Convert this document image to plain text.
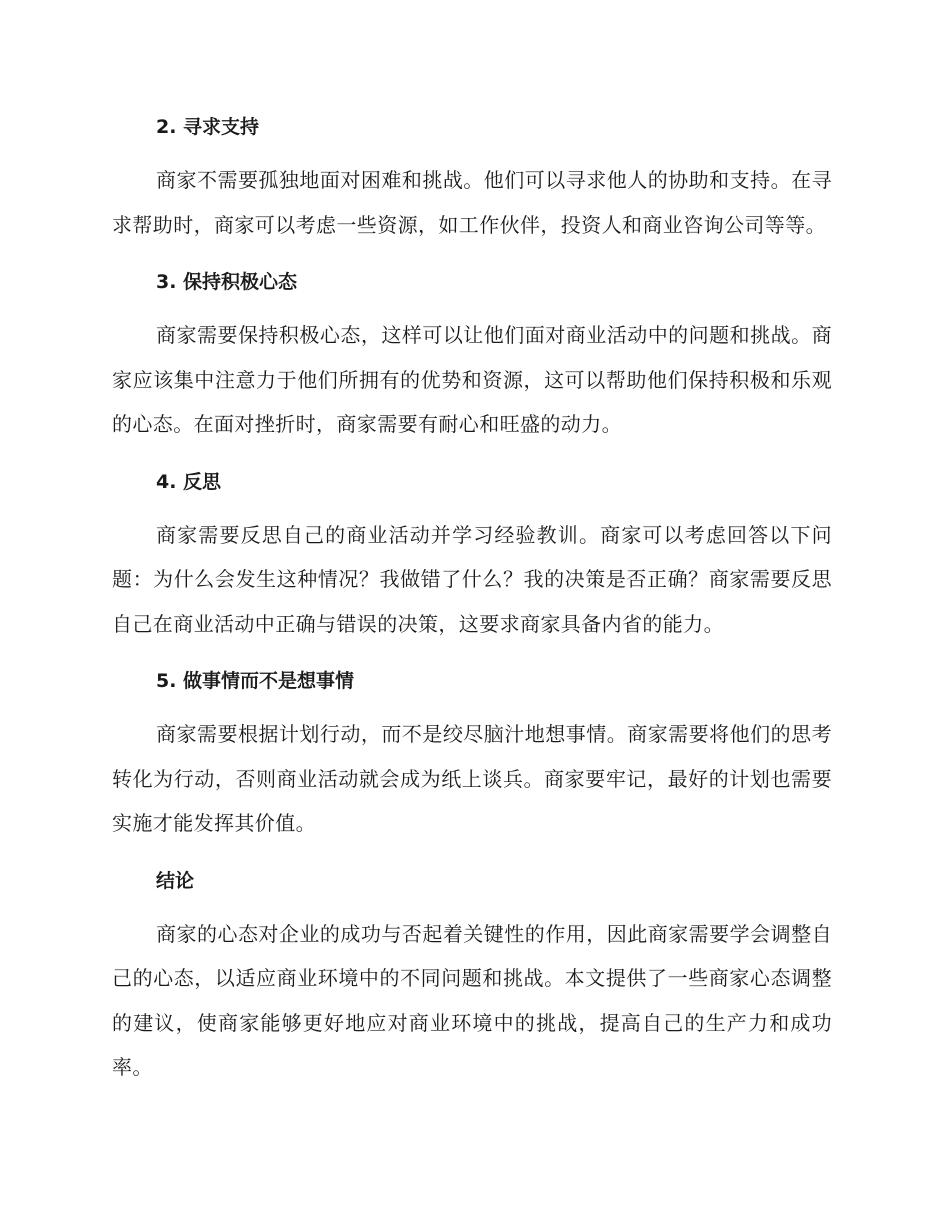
2. 寻求支持

商家不需要孤独地面对困难和挑战。他们可以寻求他人的协助和支持。在寻求帮助时，商家可以考虑一些资源，如工作伙伴，投资人和商业咨询公司等等。

3. 保持积极心态

商家需要保持积极心态，这样可以让他们面对商业活动中的问题和挑战。商家应该集中注意力于他们所拥有的优势和资源，这可以帮助他们保持积极和乐观的心态。在面对挫折时，商家需要有耐心和旺盛的动力。

4. 反思

商家需要反思自己的商业活动并学习经验教训。商家可以考虑回答以下问题：为什么会发生这种情况？我做错了什么？我的决策是否正确？商家需要反思自己在商业活动中正确与错误的决策，这要求商家具备内省的能力。

5. 做事情而不是想事情

商家需要根据计划行动，而不是绞尽脑汁地想事情。商家需要将他们的思考转化为行动，否则商业活动就会成为纸上谈兵。商家要牢记，最好的计划也需要实施才能发挥其价值。

结论

商家的心态对企业的成功与否起着关键性的作用，因此商家需要学会调整自己的心态，以适应商业环境中的不同问题和挑战。本文提供了一些商家心态调整的建议，使商家能够更好地应对商业环境中的挑战，提高自己的生产力和成功率。
